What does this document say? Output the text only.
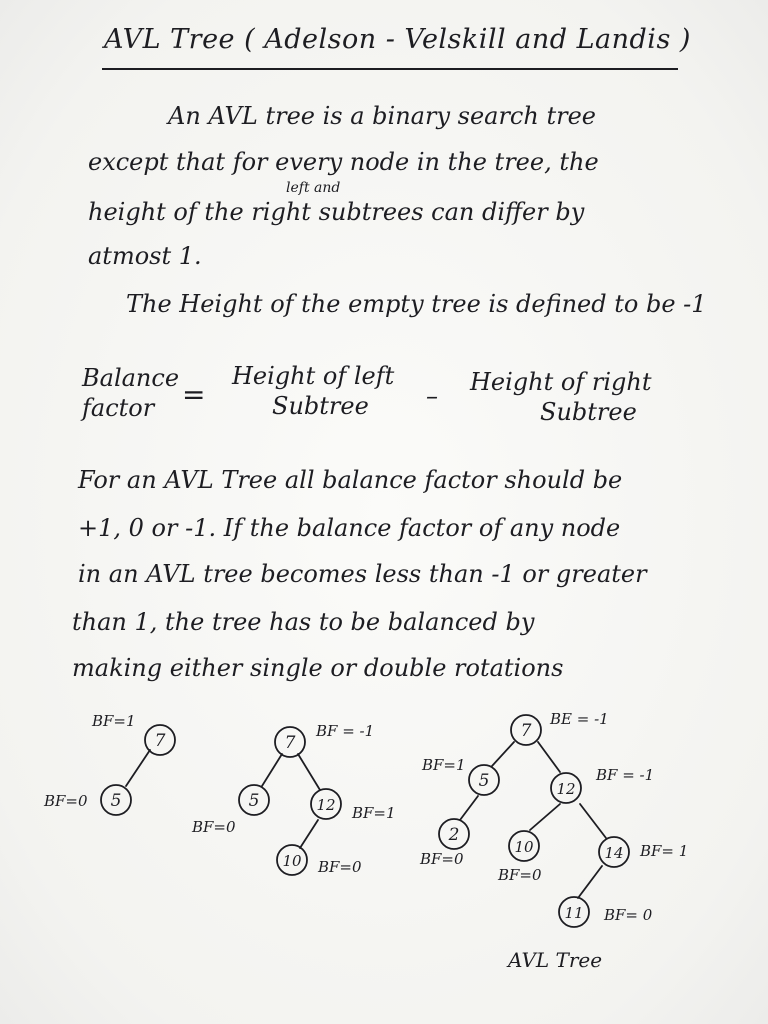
AVL Tree ( Adelson - Velskill and Landis )
An AVL tree is a binary search tree
except that for every node in the tree, the
left and
height of the right subtrees can differ by
atmost 1.
The Height of the empty tree is defined to be -1
Balance
factor =
Height of left
Subtree – Height of right
Subtree
For an AVL Tree all balance factor should be
+1, 0 or -1. If the balance factor of any node
in an AVL tree becomes less than -1 or greater
than 1, the tree has to be balanced by
making either single or double rotations
7
5
7
5	12
10
7
5	12
2
10	14
11
BF=1
BF=0
BF = -1
BF=0
BF=1
BF=0
BE = -1
BF=1
BF = -1
BF=0
BF=0
BF= 1
BF= 0
AVL Tree
